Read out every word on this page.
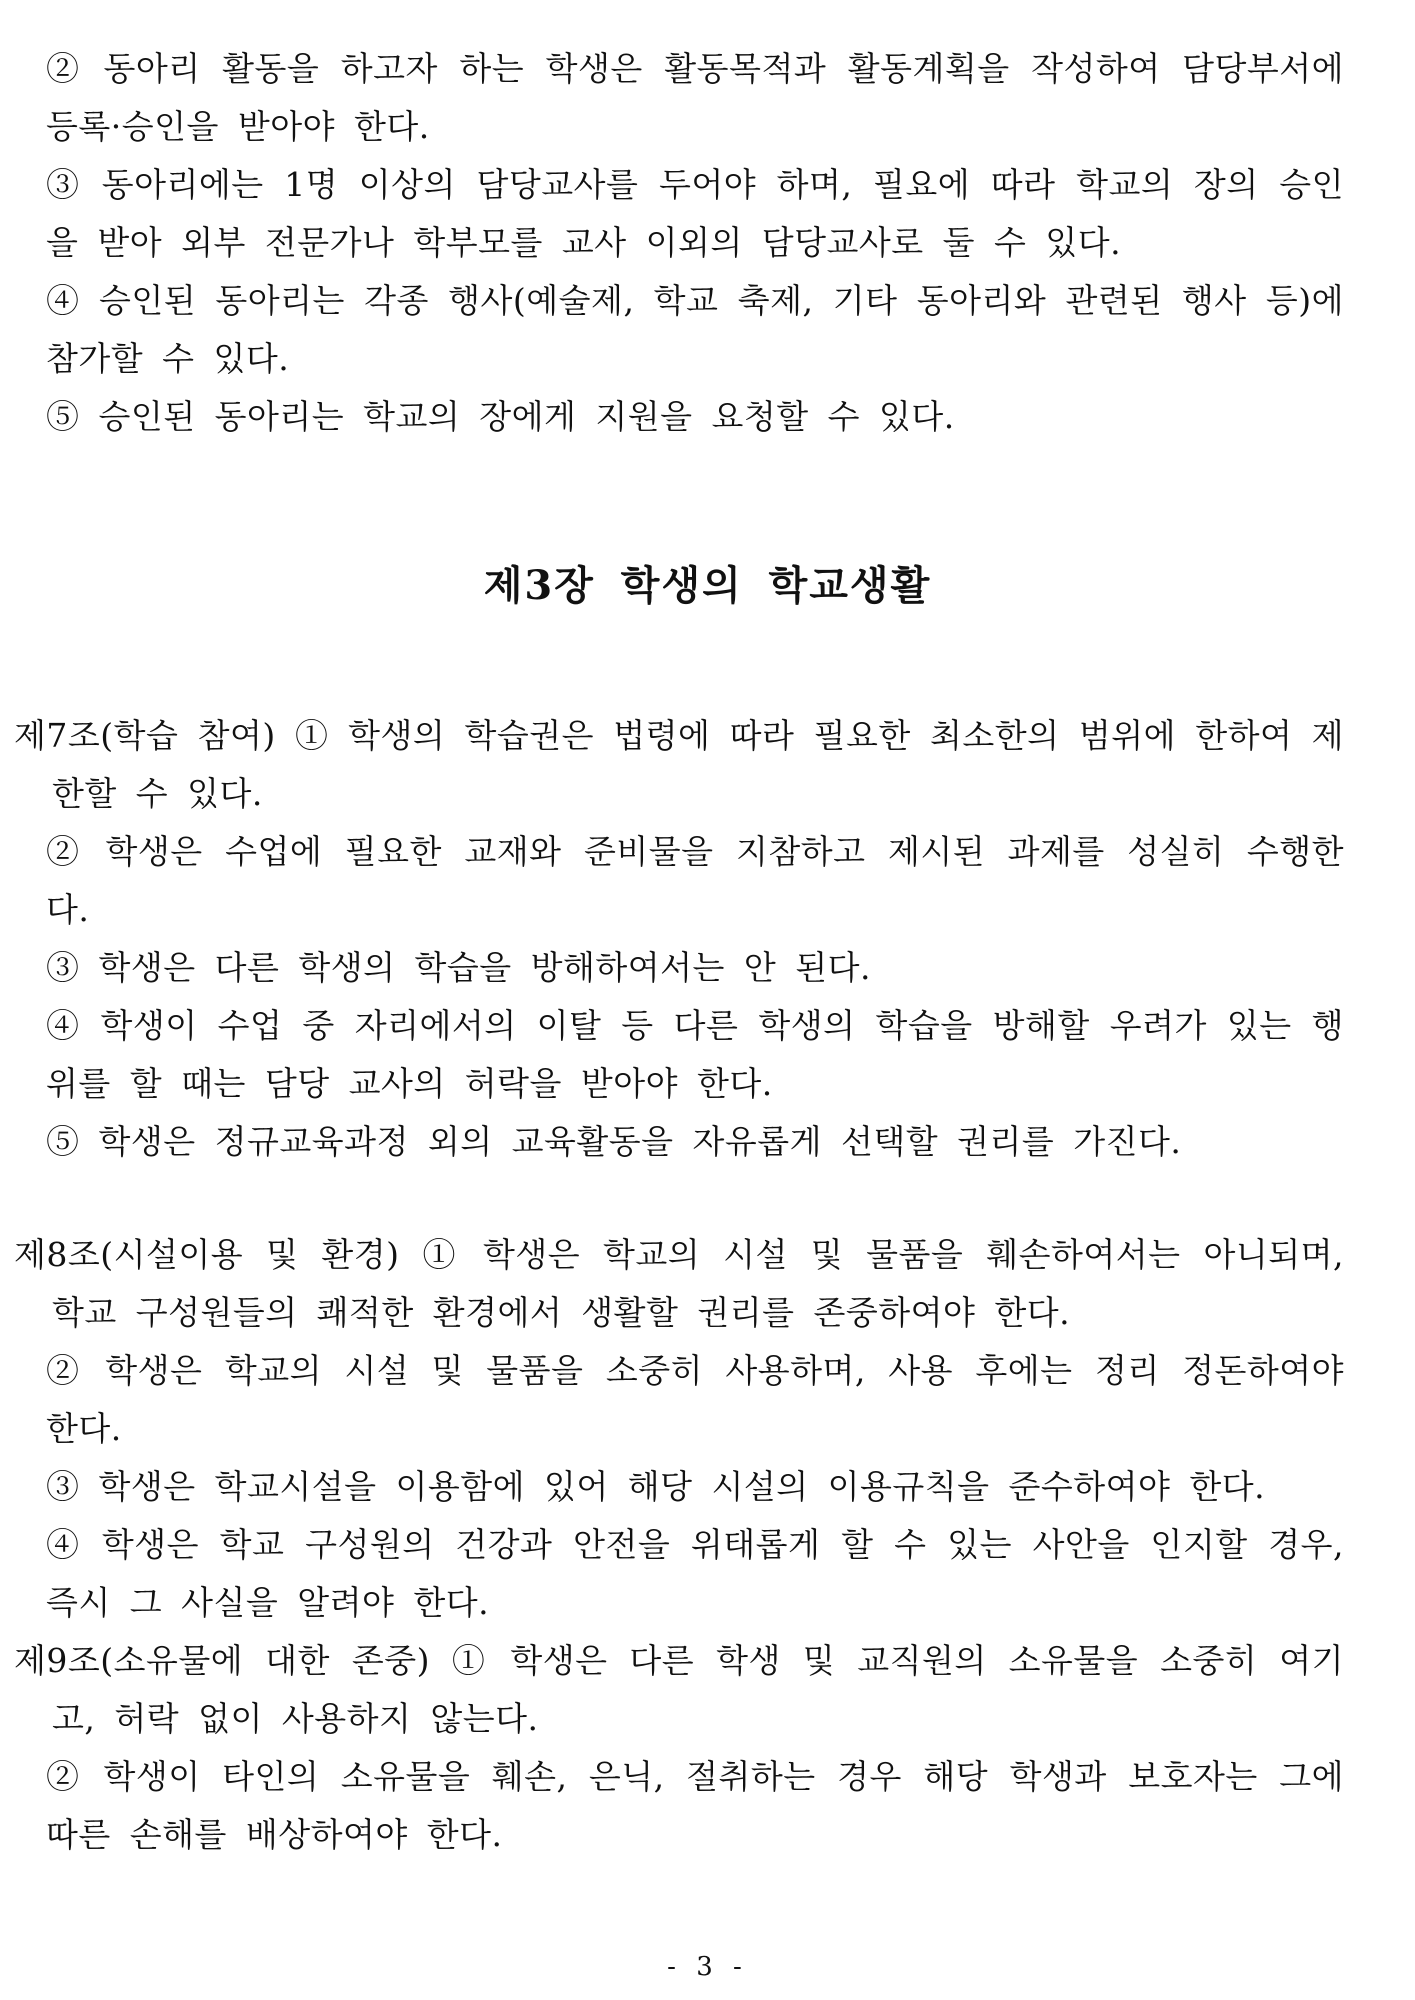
② 동아리 활동을 하고자 하는 학생은 활동목적과 활동계획을 작성하여 담당부서에 등록·승인을 받아야 한다.

③ 동아리에는 1명 이상의 담당교사를 두어야 하며, 필요에 따라 학교의 장의 승인을 받아 외부 전문가나 학부모를 교사 이외의 담당교사로 둘 수 있다.

④ 승인된 동아리는 각종 행사(예술제, 학교 축제, 기타 동아리와 관련된 행사 등)에 참가할 수 있다.

⑤ 승인된 동아리는 학교의 장에게 지원을 요청할 수 있다.

제3장 학생의 학교생활

제7조(학습 참여) ① 학생의 학습권은 법령에 따라 필요한 최소한의 범위에 한하여 제한할 수 있다.

② 학생은 수업에 필요한 교재와 준비물을 지참하고 제시된 과제를 성실히 수행한다.

③ 학생은 다른 학생의 학습을 방해하여서는 안 된다.

④ 학생이 수업 중 자리에서의 이탈 등 다른 학생의 학습을 방해할 우려가 있는 행위를 할 때는 담당 교사의 허락을 받아야 한다.

⑤ 학생은 정규교육과정 외의 교육활동을 자유롭게 선택할 권리를 가진다.

제8조(시설이용 및 환경) ① 학생은 학교의 시설 및 물품을 훼손하여서는 아니되며, 학교 구성원들의 쾌적한 환경에서 생활할 권리를 존중하여야 한다.

② 학생은 학교의 시설 및 물품을 소중히 사용하며, 사용 후에는 정리 정돈하여야 한다.

③ 학생은 학교시설을 이용함에 있어 해당 시설의 이용규칙을 준수하여야 한다.

④ 학생은 학교 구성원의 건강과 안전을 위태롭게 할 수 있는 사안을 인지할 경우, 즉시 그 사실을 알려야 한다.

제9조(소유물에 대한 존중) ① 학생은 다른 학생 및 교직원의 소유물을 소중히 여기고, 허락 없이 사용하지 않는다.

② 학생이 타인의 소유물을 훼손, 은닉, 절취하는 경우 해당 학생과 보호자는 그에 따른 손해를 배상하여야 한다.

- 3 -
